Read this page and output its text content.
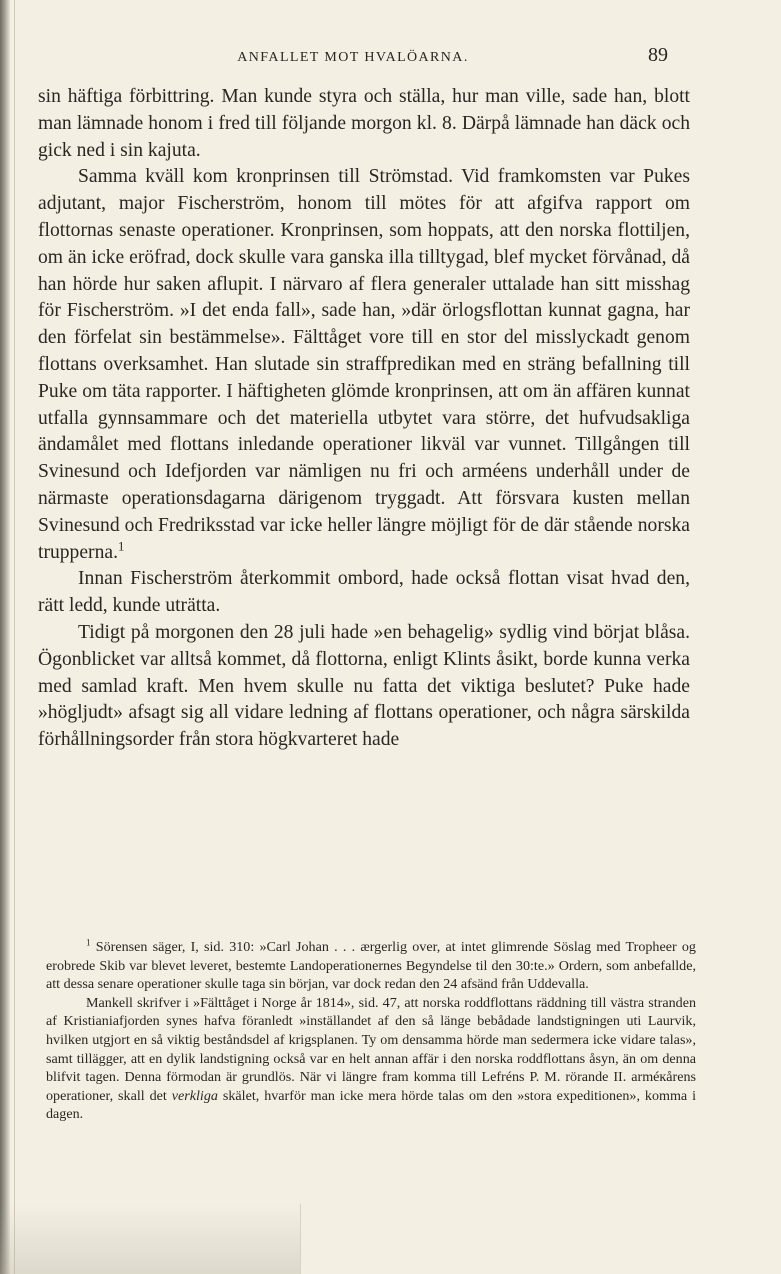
ANFALLET MOT HVALÖARNA.	89

sin häftiga förbittring. Man kunde styra och ställa, hur man ville, sade han, blott man lämnade honom i fred till följande morgon kl. 8. Därpå lämnade han däck och gick ned i sin kajuta.

Samma kväll kom kronprinsen till Strömstad. Vid framkomsten var Pukes adjutant, major Fischerström, honom till mötes för att afgifva rapport om flottornas senaste operationer. Kronprinsen, som hoppats, att den norska flottiljen, om än icke eröfrad, dock skulle vara ganska illa tilltygad, blef mycket förvånad, då han hörde hur saken aflupit. I närvaro af flera generaler uttalade han sitt misshag för Fischerström. »I det enda fall», sade han, »där örlogsflottan kunnat gagna, har den förfelat sin bestämmelse». Fälttåget vore till en stor del misslyckadt genom flottans overksamhet. Han slutade sin straffpredikan med en sträng befallning till Puke om täta rapporter. I häftigheten glömde kronprinsen, att om än affären kunnat utfalla gynnsammare och det materiella utbytet vara större, det hufvudsakliga ändamålet med flottans inledande operationer likväl var vunnet. Tillgången till Svinesund och Idefjorden var nämligen nu fri och arméens underhåll under de närmaste operationsdagarna därigenom tryggadt. Att försvara kusten mellan Svinesund och Fredriksstad var icke heller längre möjligt för de där stående norska trupperna.$^1$

Innan Fischerström återkommit ombord, hade också flottan visat hvad den, rätt ledd, kunde uträtta.

Tidigt på morgonen den 28 juli hade »en behagelig» sydlig vind börjat blåsa. Ögonblicket var alltså kommet, då flottorna, enligt Klints åsikt, borde kunna verka med samlad kraft. Men hvem skulle nu fatta det viktiga beslutet? Puke hade »högljudt» afsagt sig all vidare ledning af flottans operationer, och några särskilda förhållningsorder från stora högkvarteret hade

$^1$ Sörensen säger, I, sid. 310: »Carl Johan . . . ærgerlig over, at intet glimrende Söslag med Tropheer og erobrede Skib var blevet leveret, bestemte Landoperationernes Begyndelse til den 30:te.» Ordern, som anbefallde, att dessa senare operationer skulle taga sin början, var dock redan den 24 afsänd från Uddevalla.

Mankell skrifver i »Fälttåget i Norge år 1814», sid. 47, att norska roddflottans räddning till västra stranden af Kristianiafjorden synes hafva föranledt »inställandet af den så länge bebådade landstigningen uti Laurvik, hvilken utgjort en så viktig beståndsdel af krigsplanen. Ty om densamma hörde man sedermera icke vidare talas», samt tillägger, att en dylik landstigning också var en helt annan affär i den norska roddflottans åsyn, än om denna blifvit tagen. Denna förmodan är grundlös. När vi längre fram komma till Lefréns P. M. rörande II. arméкårens operationer, skall det verkliga skälet, hvarför man icke mera hörde talas om den »stora expeditionen», komma i dagen.
